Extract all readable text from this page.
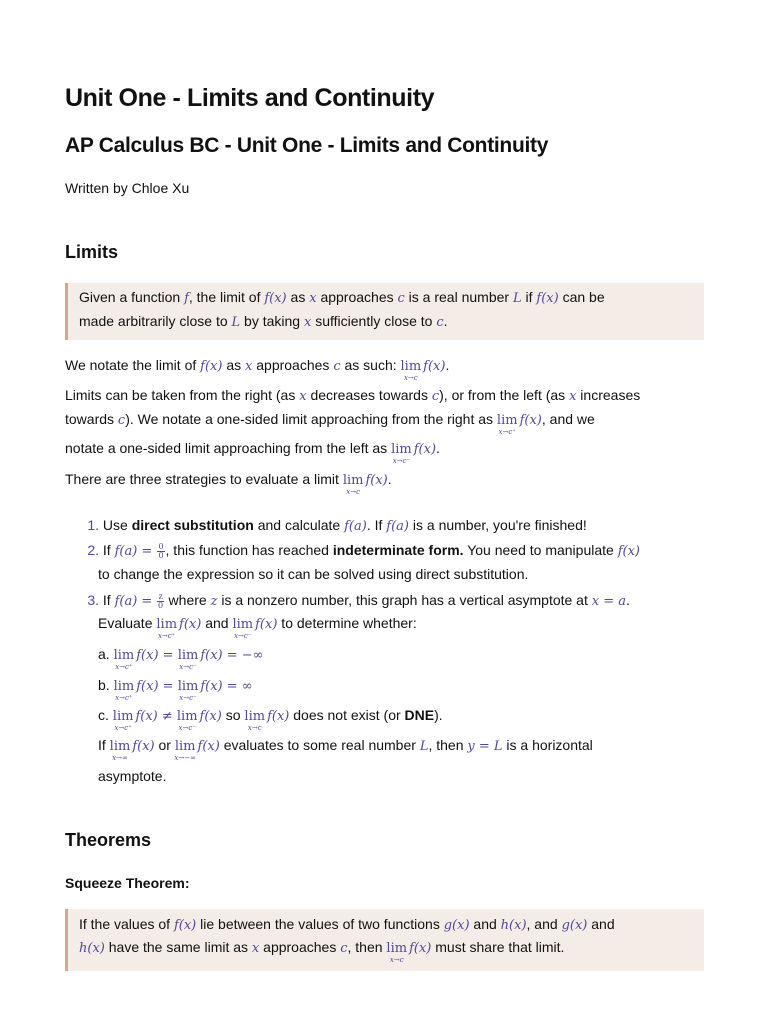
Unit One - Limits and Continuity
AP Calculus BC - Unit One - Limits and Continuity
Written by Chloe Xu
Limits
Given a function f, the limit of f(x) as x approaches c is a real number L if f(x) can be
made arbitrarily close to L by taking x sufficiently close to c.
We notate the limit of f(x) as x approaches c as such: lim
x→c
f(x).
Limits can be taken from the right (as x decreases towards c), or from the left (as x increases
towards c). We notate a one-sided limit approaching from the right as lim
x→c⁺
f(x), and we
notate a one-sided limit approaching from the left as lim
x→c⁻
f(x).
There are three strategies to evaluate a limit lim
x→c
f(x).
1. Use direct substitution and calculate f(a). If f(a) is a number, you're finished!
2. If $f(a) = \frac{0}{0}$ , this function has reached indeterminate form. You need to manipulate f(x)
to change the expression so it can be solved using direct substitution.
3. If $f(a) = \frac{z}{0}$ where z is a nonzero number, this graph has a vertical asymptote at x = a.
Evaluate lim
x→c⁺
f(x) and lim
x→c⁻
f(x) to determine whether:
a. lim
x→c⁺
f(x) = lim
x→c⁻
f(x) = −∞
b. lim
x→c⁺
f(x) = lim
x→c⁻
f(x) = ∞
c. lim
x→c⁺
f(x) ≠ lim
x→c⁻
f(x) so lim
x→c
f(x) does not exist (or DNE).
If lim
x→∞
f(x) or lim
x→−∞
f(x) evaluates to some real number L, then y = L is a horizontal
asymptote.
Theorems
Squeeze Theorem:
If the values of f(x) lie between the values of two functions g(x) and h(x), and g(x) and
h(x) have the same limit as x approaches c, then lim
x→c
f(x) must share that limit.
